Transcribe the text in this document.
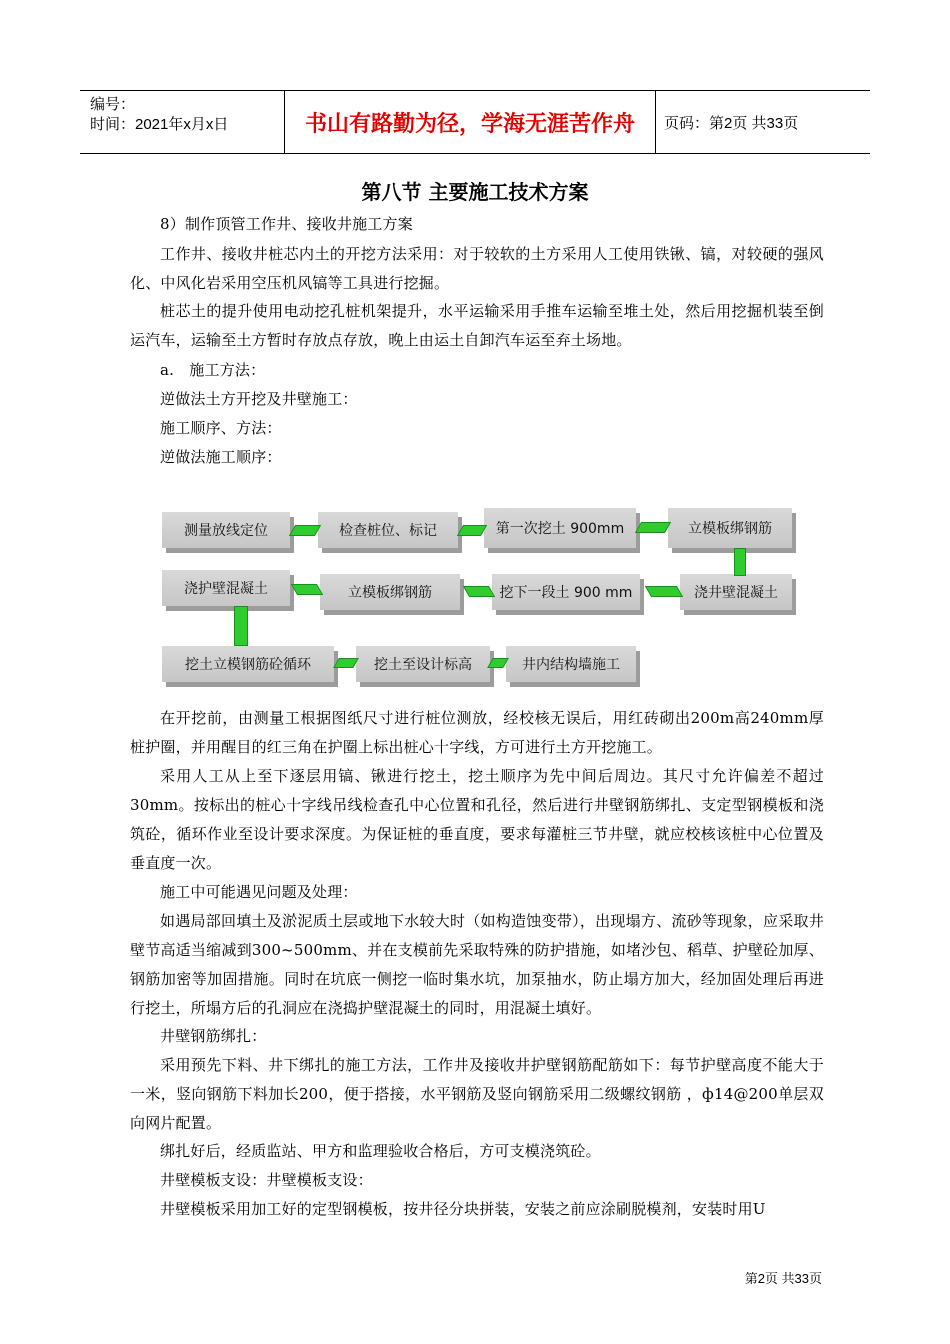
编号：
时间：2021年x月x日	书山有路勤为径，学海无涯苦作舟	页码：第2页 共33页
第八节 主要施工技术方案
8）制作顶管工作井、接收井施工方案
工作井、接收井桩芯内土的开挖方法采用：对于较软的土方采用人工使用铁锹、镐，对较硬的强风化、中风化岩采用空压机风镐等工具进行挖掘。
桩芯土的提升使用电动挖孔桩机架提升，水平运输采用手推车运输至堆土处，然后用挖掘机装至倒运汽车，运输至土方暂时存放点存放，晚上由运土自卸汽车运至弃土场地。
a.　施工方法：
逆做法土方开挖及井壁施工：
施工顺序、方法：
逆做法施工顺序：
测量放线定位	检查桩位、标记	第一次挖土 900mm	立模板绑钢筋
浇护壁混凝土	立模板绑钢筋	挖下一段土 900 mm	浇井壁混凝土
挖土立模钢筋砼循环	挖土至设计标高	井内结构墙施工
在开挖前，由测量工根据图纸尺寸进行桩位测放，经校核无误后，用红砖砌出200m高240mm厚桩护圈，并用醒目的红三角在护圈上标出桩心十字线，方可进行土方开挖施工。
采用人工从上至下逐层用镐、锹进行挖土，挖土顺序为先中间后周边。其尺寸允许偏差不超过30mm。按标出的桩心十字线吊线检查孔中心位置和孔径，然后进行井壁钢筋绑扎、支定型钢模板和浇筑砼，循环作业至设计要求深度。为保证桩的垂直度，要求每灌桩三节井壁，就应校核该桩中心位置及垂直度一次。
施工中可能遇见问题及处理：
如遇局部回填土及淤泥质土层或地下水较大时（如构造蚀变带），出现塌方、流砂等现象，应采取井壁节高适当缩减到300~500mm、并在支模前先采取特殊的防护措施，如堵沙包、稻草、护壁砼加厚、钢筋加密等加固措施。同时在坑底一侧挖一临时集水坑，加泵抽水，防止塌方加大，经加固处理后再进行挖土，所塌方后的孔洞应在浇捣护壁混凝土的同时，用混凝土填好。
井壁钢筋绑扎：
采用预先下料、井下绑扎的施工方法，工作井及接收井护壁钢筋配筋如下：每节护壁高度不能大于一米，竖向钢筋下料加长200，便于搭接，水平钢筋及竖向钢筋采用二级螺纹钢筋 ，ф14@200单层双向网片配置。
绑扎好后，经质监站、甲方和监理验收合格后，方可支模浇筑砼。
井壁模板支设：井壁模板支设：
井壁模板采用加工好的定型钢模板，按井径分块拼装，安装之前应涂刷脱模剂，安装时用U
第2页 共33页
